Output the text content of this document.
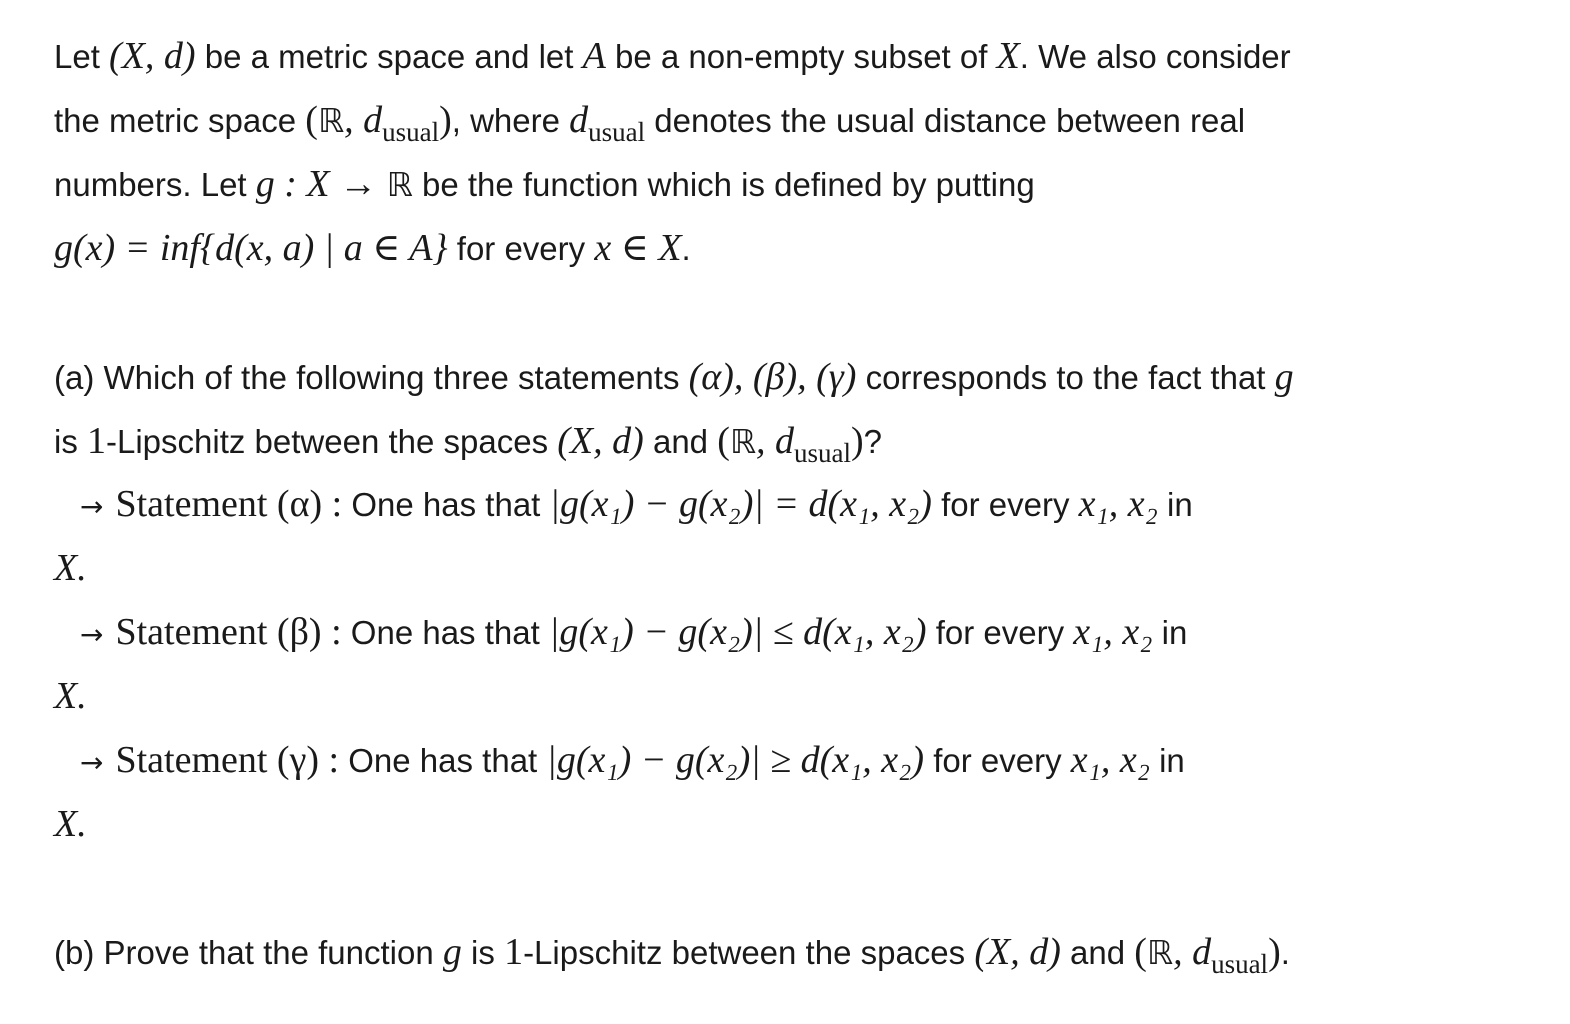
Let (X, d) be a metric space and let A be a non-empty subset of X. We also consider
the metric space (ℝ, $d_{usual}$), where $d_{usual}$ denotes the usual distance between real
numbers. Let g : X → ℝ be the function which is defined by putting
g(x) = inf{d(x, a) | a ∈ A} for every x ∈ X.
(a) Which of the following three statements (α), (β), (γ) corresponds to the fact that g
is 1-Lipschitz between the spaces (X, d) and (ℝ, $d_{usual}$)?
→ Statement (α) : One has that |g(x₁) − g(x₂)| = d(x₁, x₂) for every x₁, x₂ in
X.
→ Statement (β) : One has that |g(x₁) − g(x₂)| ≤ d(x₁, x₂) for every x₁, x₂ in
X.
→ Statement (γ) : One has that |g(x₁) − g(x₂)| ≥ d(x₁, x₂) for every x₁, x₂ in
X.
(b) Prove that the function g is 1-Lipschitz between the spaces (X, d) and (ℝ, $d_{usual}$).
